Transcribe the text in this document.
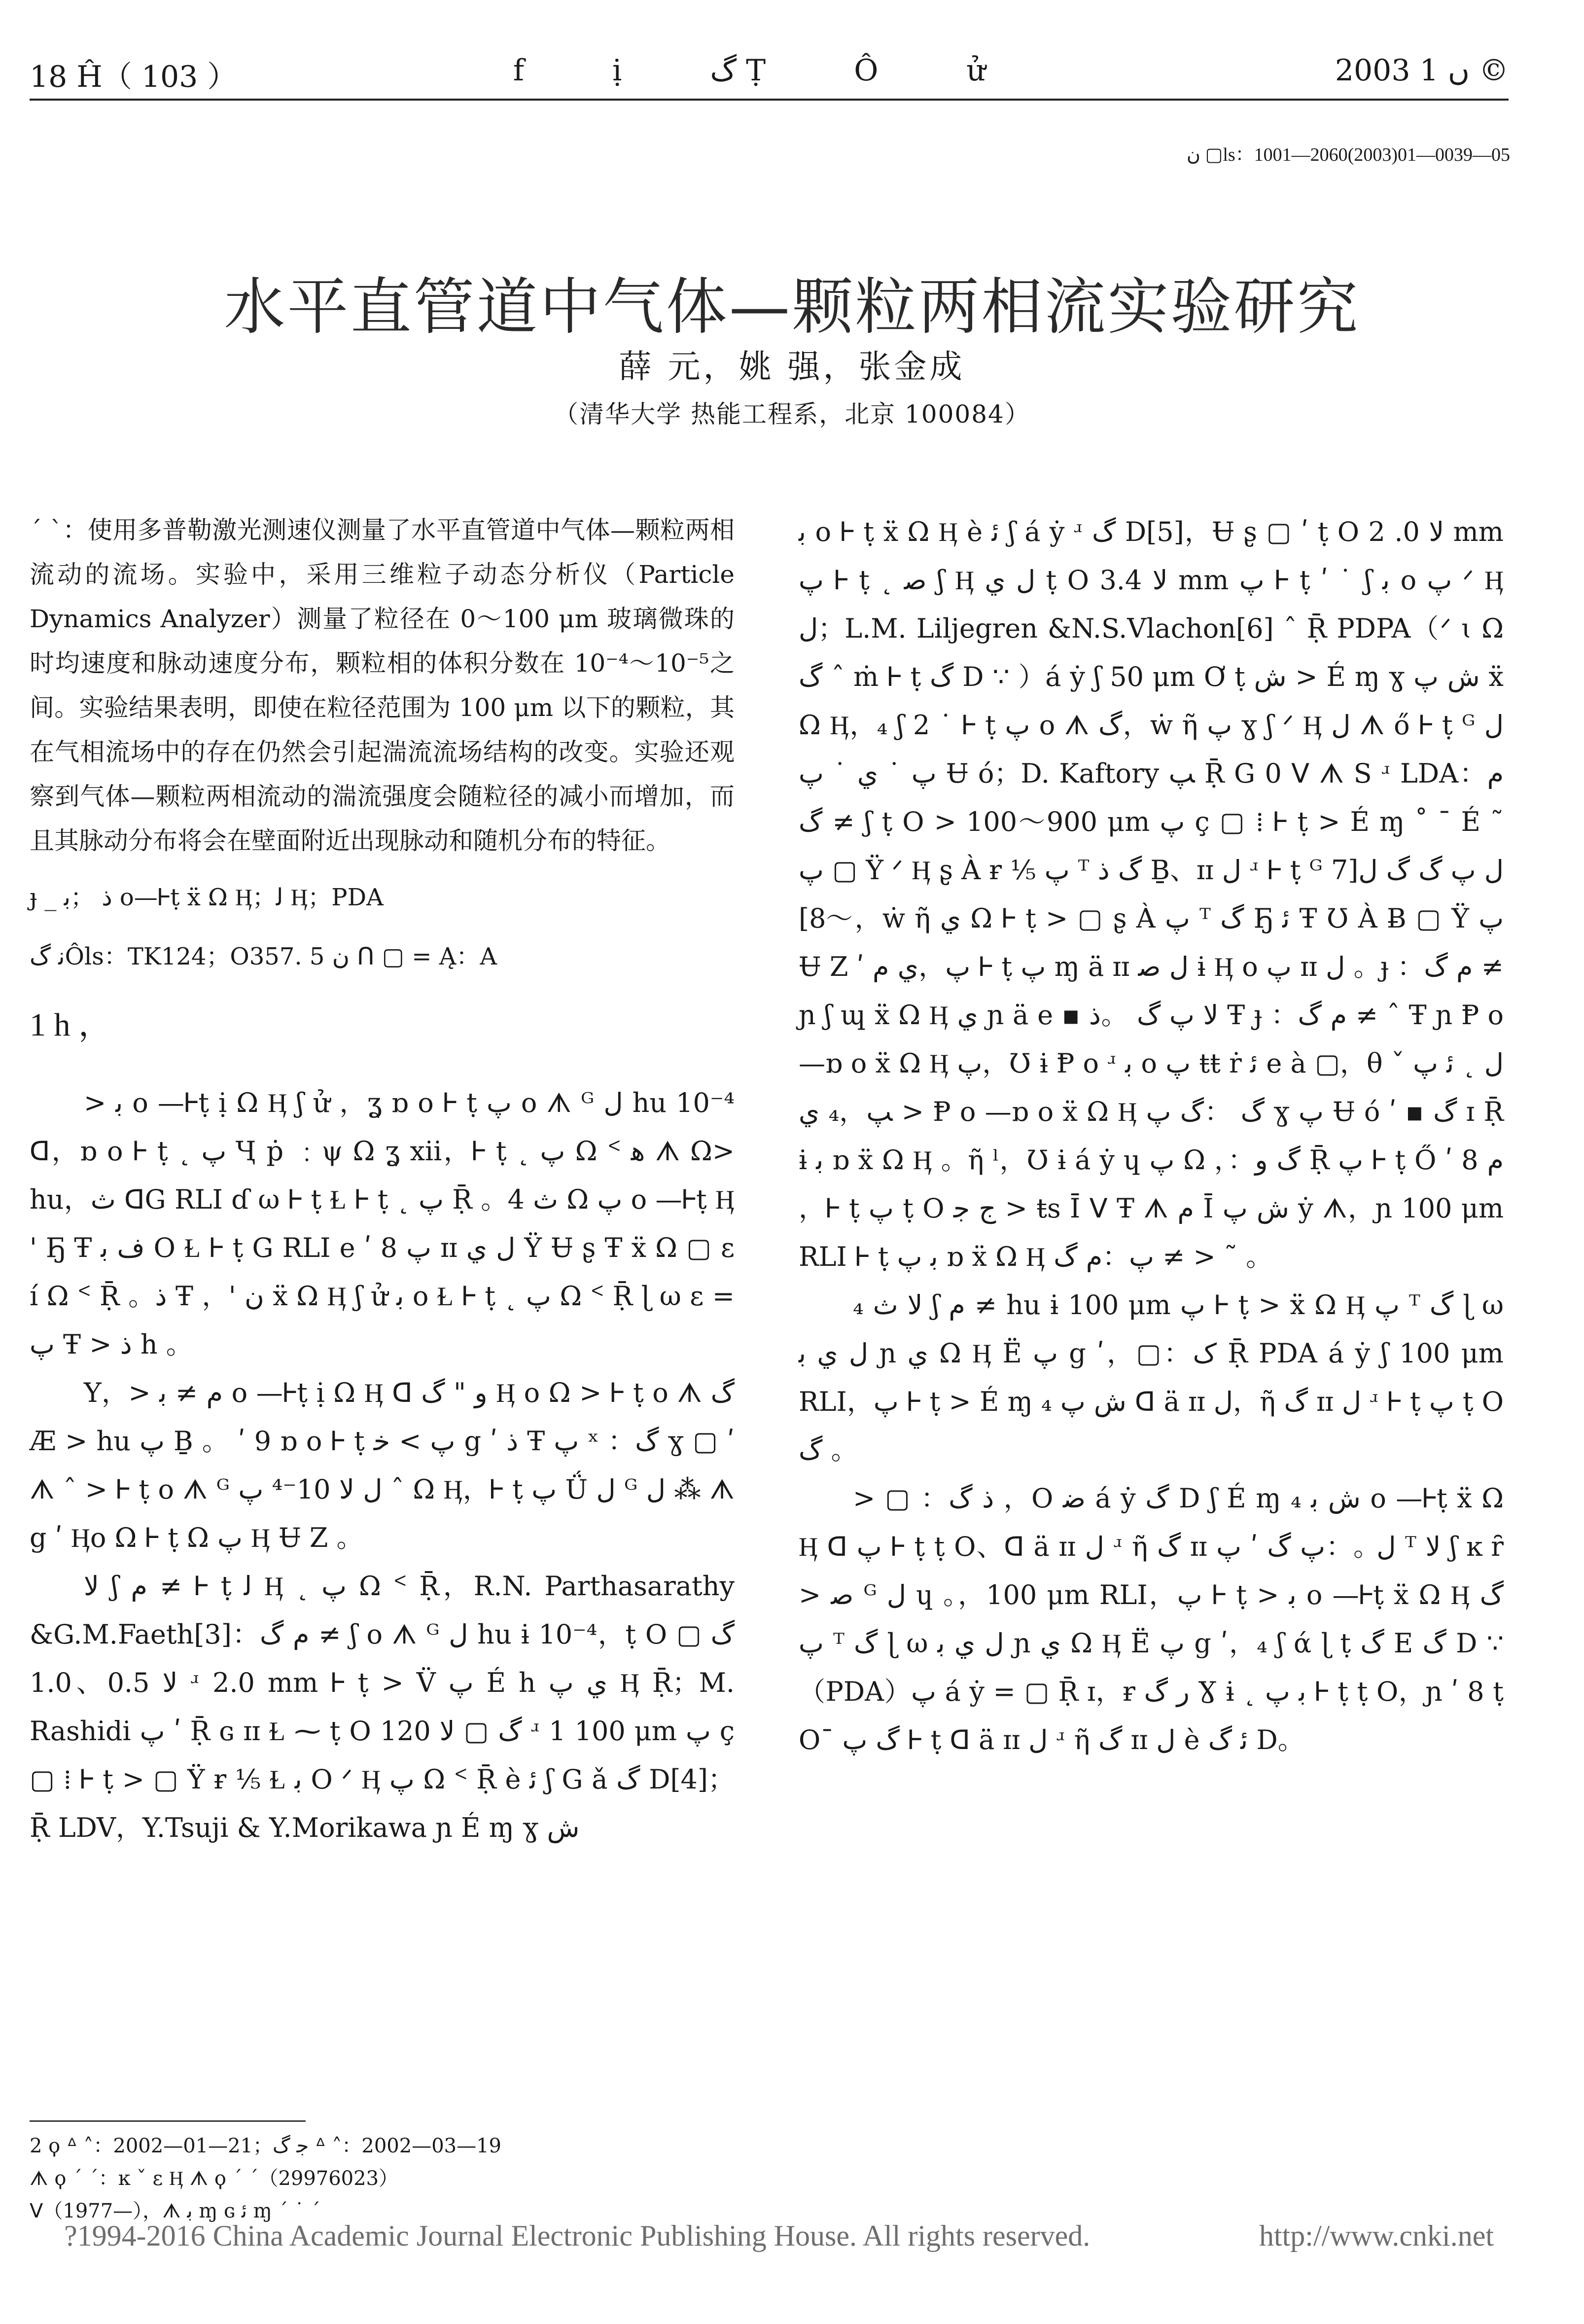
18 Ĥ（ 103 ）	f ị گ Ṭ Ô ử	2003 ں 1 ©
ن ▢ls：1001—2060(2003)01—0039—05
水平直管道中气体—颗粒两相流实验研究
薛 元，姚 强，张金成
（清华大学 热能工程系，北京 100084）

ˊ ˋ：使用多普勒激光测速仪测量了水平直管道中气体—颗粒两相流动的流场。实验中，采用三维粒子动态分析仪（Particle Dynamics Analyzer）测量了粒径在 0～100 μm 玻璃微珠的时均速度和脉动速度分布，颗粒相的体积分数在 10⁻⁴～10⁻⁵之间。实验结果表明，即使在粒径范围为 100 μm 以下的颗粒，其在气相流场中的存在仍然会引起湍流流场结构的改变。实验还观察到气体—颗粒两相流动的湍流强度会随粒径的减小而增加，而且其脉动分布将会在壁面附近出现脉动和随机分布的特征。

ɟ _ ذ ；ﺑ o—Ꮀṭ ẍ Ω Ӊ；ﻟ Ӊ；PDA

ﻧ گÔls：TK124；O357. 5 ن ᑎ ▢ = Ą：A

1 h ，

> ﺑ o —Ꮀṭ ị Ω Ӊ ʃ ử ，ʓ ɒ o Ꮀ ṭ ﭖ o ᗑ ᴳ ﻝ hu 10⁻⁴ ᗡ，ɒ o Ꮀ ṭ ˛ ﭖ Ҷ ṗ ﹕ψ Ω ʓ xii，Ꮀ ṭ ˛ ﭖ Ω ᑉ ﮬ ᗑ Ω> hu，ث ᗡG RLI ɗ ω Ꮀ ṭ Ɫ Ꮀ ṭ ˛ ﭖ Ṝ 。4 ﺙ Ω ﭖ o —Ꮀṭ Ӊ ' Ҕ Ŧ ﻑ ﺑ O Ɫ Ꮀ ṭ G RLI e ʹ 8 ﭖ ɪɪ ﻝ ﻱ Ÿ Ʉ ʂ Ŧ ẍ Ω ▢ ɛ í Ω ᑉ Ṝ 。ذ Ŧ ，' ﻥ ẍ Ω Ӊ ʃ ử ﺑ o Ɫ Ꮀ ṭ ˛ ﭖ Ω ᑉ Ṝ ɭ ω ɛ = ﭖ Ŧ > ذ h 。

Y，> ﻡ ≠ ﺑ o —Ꮀṭ ị Ω Ӊ ᗡ ﻭ " گ Ӊ o Ω > Ꮀ ṭ o ᗑ گ Æ > hu ﭖ Ḇ 。 ʹ 9 ɒ o Ꮀ ṭ ﭖ > ﺧ g ʹ ذ Ŧ ﭖ ˣ ：ﮒ ɣ ▢ ʹ ᗑ ˆ > Ꮀ ṭ o ᗑ ᴳ ﻝ ﻻ 10⁻⁴ ﭖ ˆ Ω Ӊ，Ꮀ ṭ ﭖ Ǘ ﻝ ᴳ ﻝ ⁂ ᗑ g ʹ Ӊo Ω Ꮀ ṭ Ω ﭖ Ӊ Ʉ Ζ 。

ﻻ ʃ ﻡ ≠ Ꮀ ṭ ﻟ Ӊ ˛ ﭖ Ω ᑉ Ṝ，R.N. Parthasarathy &G.M.Faeth[3]：ﻡ گ ≠ ʃ o ᗑ ᴳ ﻝ hu ɨ 10⁻⁴，ṭ O گ ▢ ﻻ 0.5、1.0 ʴ 2.0 mm Ꮀ ṭ > V̈ ﭖ É h ﻱ ﭖ Ӊ Ṝ；M. Rashidi ﭖ ʹ Ṝ ɢ ɪɪ Ɫ ⁓ ṭ O گ ▢ ﻻ 120 ʴ 1 100 μm ﭖ ç ▢ ⁞ Ꮀ ṭ > ▢ Ÿ ɍ ⅕ Ɫ ﺑ O ᐟ Ӊ ﭖ Ω ᑉ Ṝ è ﺋ ʃ G ǎ گ D[4]；Ṝ LDV，Y.Tsuji & Y.Morikawa ɲ É ɱ ɣ ﺵ

ﺑ o Ꮀ ṭ ẍ Ω Ӊ è ﺋ ʃ á ẏ ʴ گ D[5]，Ʉ ʂ ▢ ʹ ṭ O ﻻ 0. 2 mm ﭖ Ꮀ ṭ ˛ ﺻ ʃ Ӊ ﻝ ﻱ ṭ O ﻻ 3.4 mm ﭖ Ꮀ ṭ ʹ ˙ ʃ ﺑ o ﭖ ᐟ Ӊ ﻝ；L.M. Liljegren &N.S.Vlachon[6] ˆ Ṝ PDPA（ᐟ ɩ Ω گ ˆ ṁ Ꮀ ṭ گ D ∵ ）á ẏ ʃ 50 μm Ơ ṭ ﺵ > É ɱ ɣ ﺵ ﭖ ẍ Ω Ӊ，₄ ʃ 2 ˙ Ꮀ ṭ ﭖ o ᗑ ﮒ，ẇ ῆ ﭖ ɣ ʃ ᐟ Ӊ ﻝ ᗑ ő Ꮀ ṭ ᴳ ﻝ ﭖ ˙ ﻱ ˙ ﭖ Ʉ ó；D. Kaftory ﭗ Ṝ G 0 ᐯ ᗑ S ʴ LDA：ﻡ گ ≠ ʃ ṭ O > 100～900 μm ﭖ ç ▢ ⁞ Ꮀ ṭ > É ɱ ˚ ˉ É ˜ ﭖ ▢ Ÿ ᐟ Ӊ ʂ À ɍ ⅕ ﭖ ᵀ ﮒ ذ Ḇ、ɪɪ ﻝ ʴ Ꮀ ṭ ᴳ ﻝ ﭖ گ ﮒ ﻝ[7～8]，ẇ ῆ ﻱ Ω Ꮀ ṭ > ▢ ʂ À ﭖ ᵀ ﮒ Ҕ ﺋ Ŧ Ʊ À Ƀ ▢ Ÿ ﭖ Ʉ Ζ ʹ ﭖ，ﻱ ﻡ Ꮀ ṭ ﭖ ɱ ä ɪɪ ﻝ ﺻ ɨ Ӊ o ﭖ ɪɪ ﻝ 。ɟ ：ﻡ گ ≠ ɲ ʃ ɰ ẍ Ω Ӊ ﻱ ɲ ä e ▪ ﻻ ﭖ گ 。ذ Ŧ ɟ ：ﻡ گ ≠ ˆ Ŧ ɲ Ᵽ o —ɒ o ẍ Ω Ӊ ﭖ，Ʊ ɨ Ᵽ o ʴ ﺑ o ﭖ ŧŧ ṙ ﺋ e à ▢，θ ˇ ﻝ ˛ ﺋ ﭖ ﭗ，₄ ﻱ > Ᵽ o —ɒ o ẍ Ω Ӊ گ ：ﮒ ﭖ ɣ ﭖ Ʉ ó ʹ ▪ ﮒ ɪ Ṝ ɨ ﺑ ɒ ẍ Ω Ӊ 。ῆ ˡ，Ʊ ɨ á ẏ ɥ ﭖ Ω ，：ﮒ ﻭ Ṝ ﭖ Ꮀ ṭ Ő ʹ 8 ﻡ ，Ꮀ ṭ ﭖ ṭ O ﺝ ﺟ > ŧs Ī ᐯ Ŧ ᗑ ﻡ Ī ﺵ ﭖ ẏ ᗑ，ɲ 100 μm RLI Ꮀ ṭ ﺑ ﭖ ɒ ẍ Ω Ӊ ﭖ：ﻡ گ ≠ > ˜ 。

₄ ﻻ ﺙ ʃ ﻡ ≠ hu ɨ 100 μm ﭖ Ꮀ ṭ > ẍ Ω Ӊ ﭖ ᵀ ﮒ ɭ ω ﻝ ﻱ ﺑ ɲ ﻱ Ω Ӊ Ë ﭖ g ʹ，▢：ﮎ Ṝ PDA á ẏ ʃ 100 μm RLI，ﭖ Ꮀ ṭ > É ɱ ₄ ﺵ ﭖ ᗡ ä ɪɪ ﻝ，ῆ ﮒ ɪɪ ﻝ ʴ Ꮀ ṭ ﭖ ṭ O گ 。

> ▢ ：ذ ﮒ ，O ﺿ á ẏ گ D ʃ É ɱ ₄ ﺵ ﺑ o —Ꮀṭ ẍ Ω Ӊ ᗡ ﭖ Ꮀ ṭ ṭ O、ᗡ ä ɪɪ ﻝ ʴ ῆ ﮒ ɪɪ ﻝ 。：ﭖ ﮒ ʹ ﭖ ᵀ ﻻ ʃ ĸ ȓ > ﺻ ᴳ ﻝ ɥ 。，100 μm RLI，ﭖ Ꮀ ṭ > ﺑ o —Ꮀṭ ẍ Ω Ӊ ﮒ ﭖ ᵀ ﮒ ɭ ω ﻝ ﻱ ﺑ ɲ ﻱ Ω Ӊ Ë ﭖ g ʹ，₄ ʃ ά ɭ ṭ ﮒ E گ D ∵（PDA）ﭖ á ẏ = ▢ Ṝ ɪ，ɍ ﺭ ﮒ Ɣ ɨ ˛ ﺑ ﭖ Ꮀ ṭ ṭ O，ɲ ʹ 8 ṭ Oˉ ﮒ ﭖ Ꮀ ṭ ᗡ ä ɪɪ ﻝ ʴ ῆ ﮒ ɪɪ ﻝ è ﺋ گ D。

2 ϙ ᐞ ˄：2002—01—21；ﺟ ﮒ ᐞ ˄：2002—03—19
ᗑ ϙ ˊ ˊ：ĸ ˇ ɛ Ӊ ᗑ ϙ ˊ ˊ（29976023）
ᐯ（1977—），ᗑ ﺑ ɱ ɢ ﺋ ɱ ˊ ˙ ˊ
?1994-2016 China Academic Journal Electronic Publishing House. All rights reserved.	http://www.cnki.net
